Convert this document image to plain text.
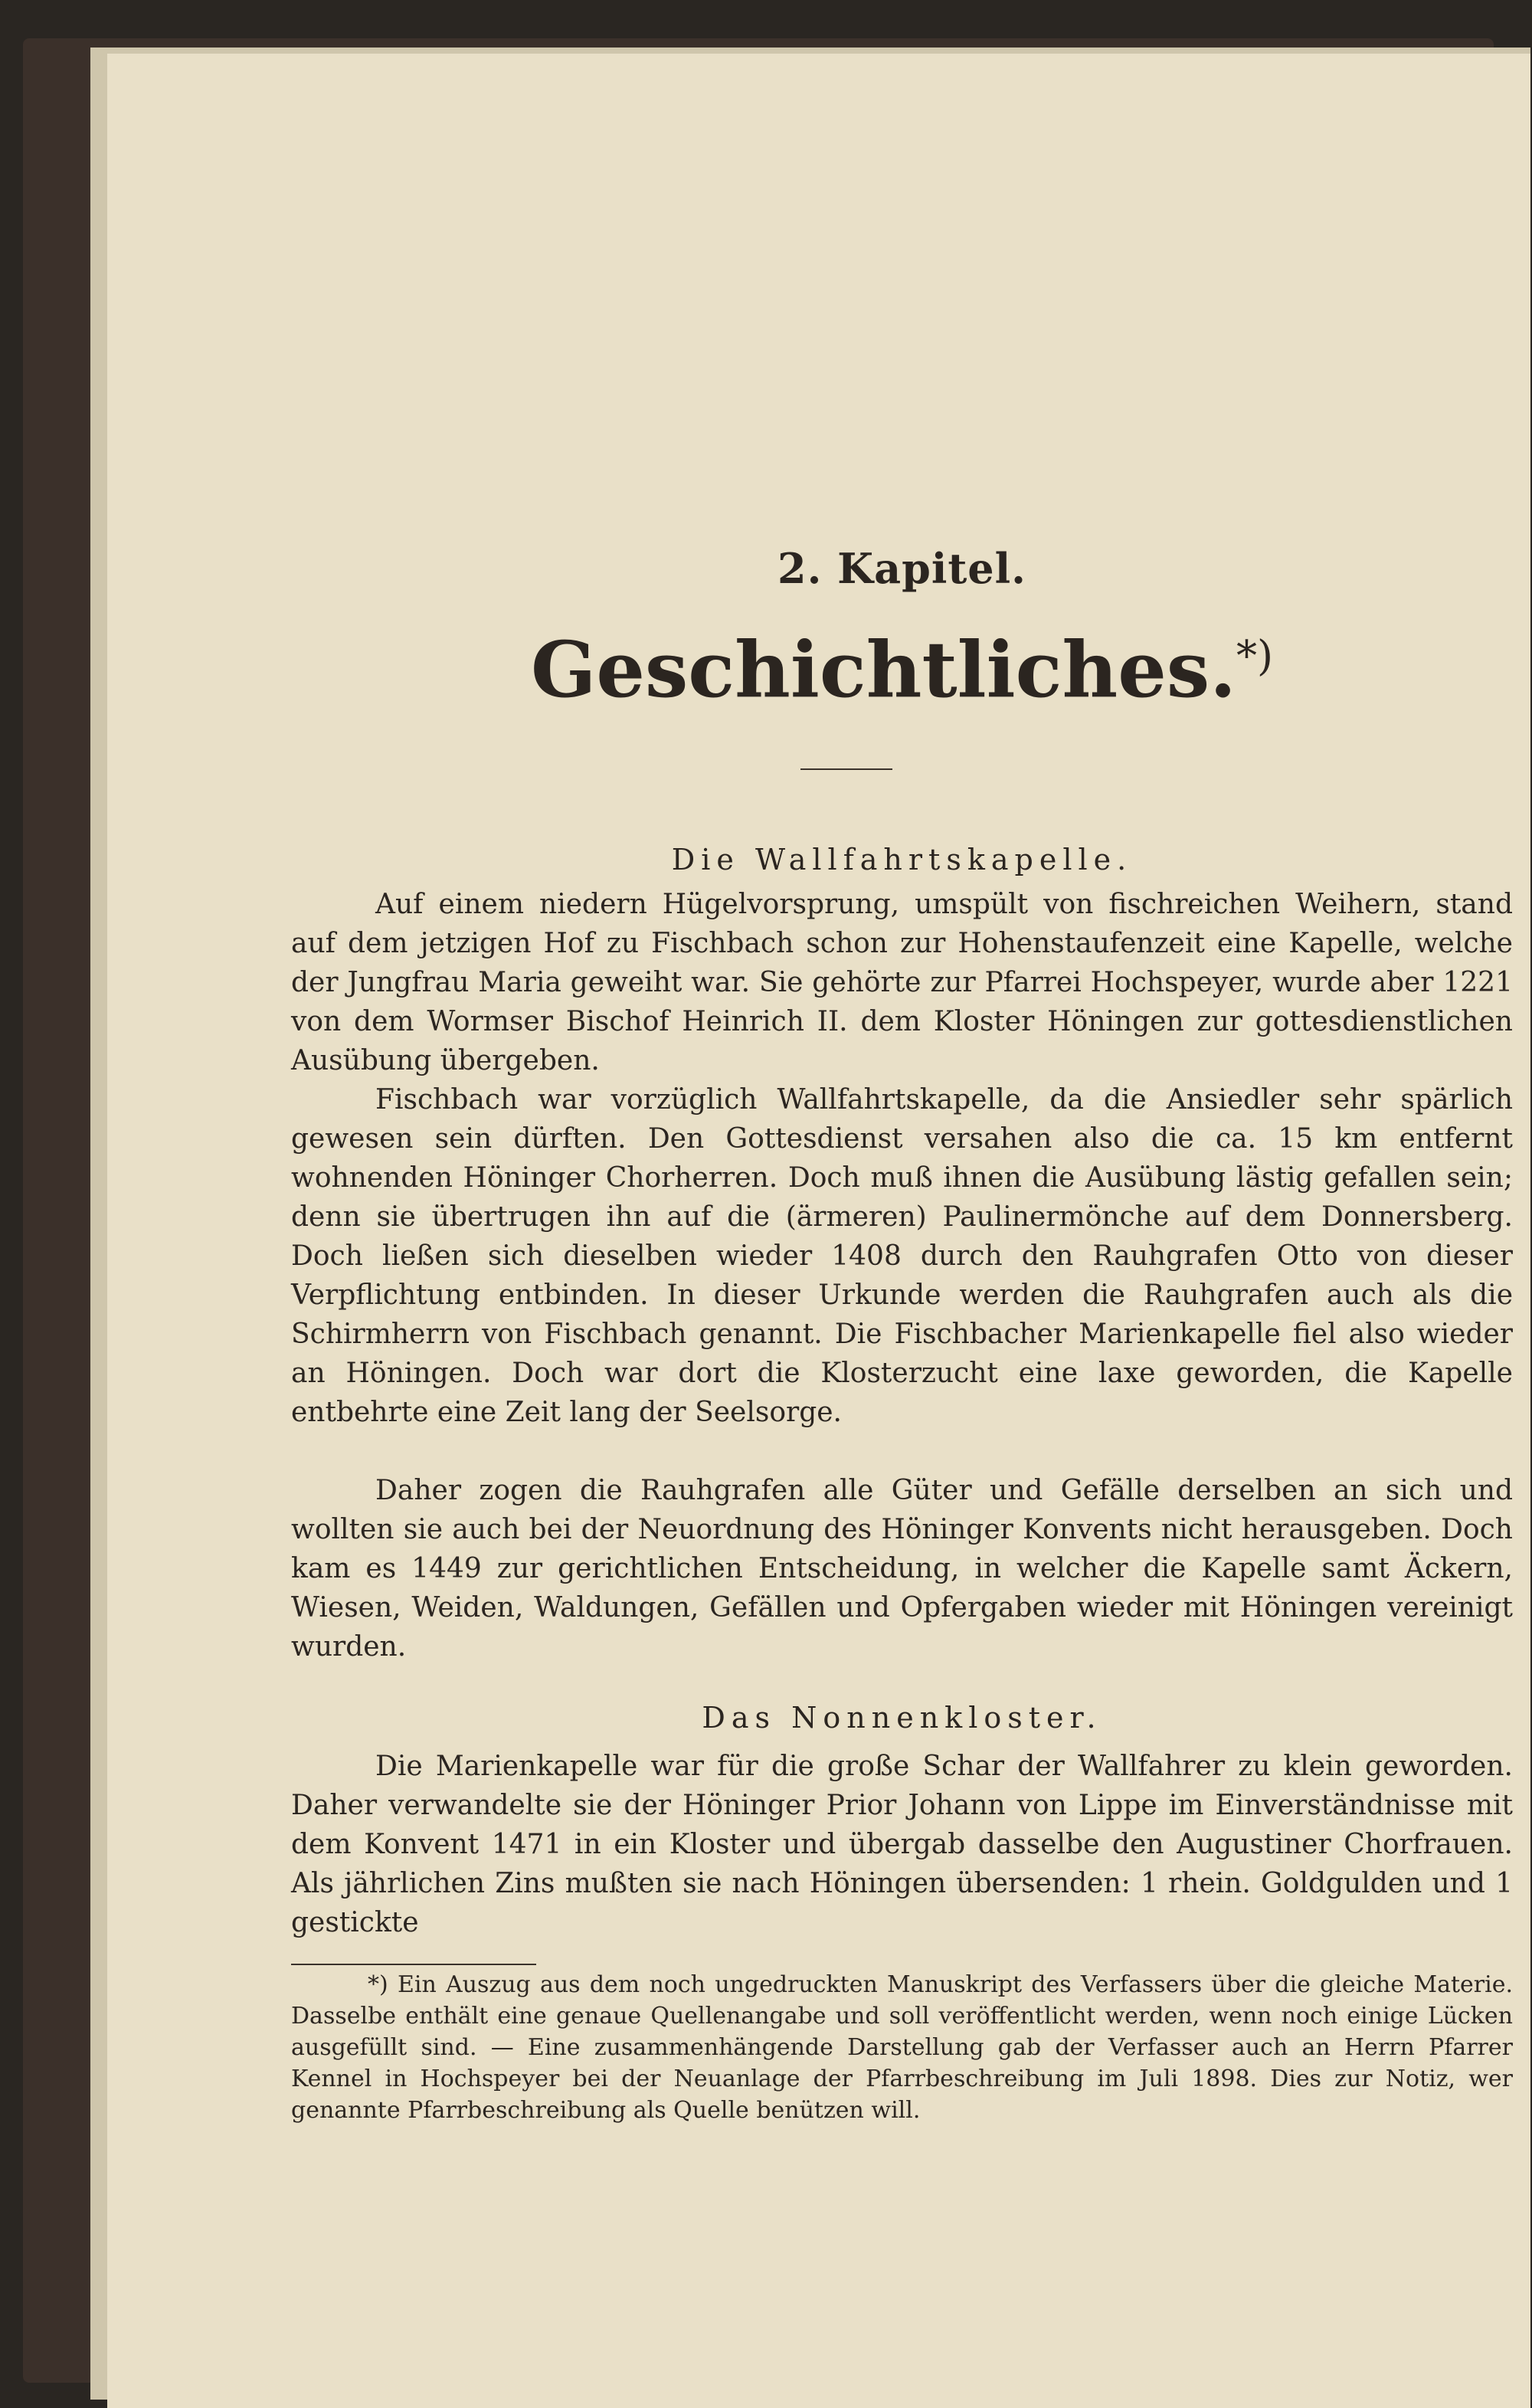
2. Kapitel.
Geschichtliches.*)
Die Wallfahrtskapelle.

Auf einem niedern Hügelvorsprung, umspült von fischreichen Weihern, stand auf dem jetzigen Hof zu Fischbach schon zur Hohenstaufenzeit eine Kapelle, welche der Jungfrau Maria geweiht war. Sie gehörte zur Pfarrei Hochspeyer, wurde aber 1221 von dem Wormser Bischof Heinrich II. dem Kloster Höningen zur gottesdienstlichen Ausübung übergeben.

Fischbach war vorzüglich Wallfahrtskapelle, da die Ansiedler sehr spärlich gewesen sein dürften. Den Gottesdienst versahen also die ca. 15 km entfernt wohnenden Höninger Chorherren. Doch muß ihnen die Ausübung lästig gefallen sein; denn sie übertrugen ihn auf die (ärmeren) Paulinermönche auf dem Donnersberg. Doch ließen sich dieselben wieder 1408 durch den Rauhgrafen Otto von dieser Verpflichtung entbinden. In dieser Urkunde werden die Rauhgrafen auch als die Schirmherrn von Fischbach genannt. Die Fischbacher Marienkapelle fiel also wieder an Höningen. Doch war dort die Klosterzucht eine laxe geworden, die Kapelle entbehrte eine Zeit lang der Seelsorge.

Daher zogen die Rauhgrafen alle Güter und Gefälle derselben an sich und wollten sie auch bei der Neuordnung des Höninger Konvents nicht herausgeben. Doch kam es 1449 zur gerichtlichen Entscheidung, in welcher die Kapelle samt Äckern, Wiesen, Weiden, Waldungen, Gefällen und Opfergaben wieder mit Höningen vereinigt wurden.

Das Nonnenkloster.

Die Marienkapelle war für die große Schar der Wallfahrer zu klein geworden. Daher verwandelte sie der Höninger Prior Johann von Lippe im Einverständnisse mit dem Konvent 1471 in ein Kloster und übergab dasselbe den Augustiner Chorfrauen. Als jährlichen Zins mußten sie nach Höningen übersenden: 1 rhein. Goldgulden und 1 gestickte

*) Ein Auszug aus dem noch ungedruckten Manuskript des Verfassers über die gleiche Materie. Dasselbe enthält eine genaue Quellenangabe und soll veröffentlicht werden, wenn noch einige Lücken ausgefüllt sind. — Eine zusammenhängende Darstellung gab der Verfasser auch an Herrn Pfarrer Kennel in Hochspeyer bei der Neuanlage der Pfarrbeschreibung im Juli 1898. Dies zur Notiz, wer genannte Pfarrbeschreibung als Quelle benützen will.
